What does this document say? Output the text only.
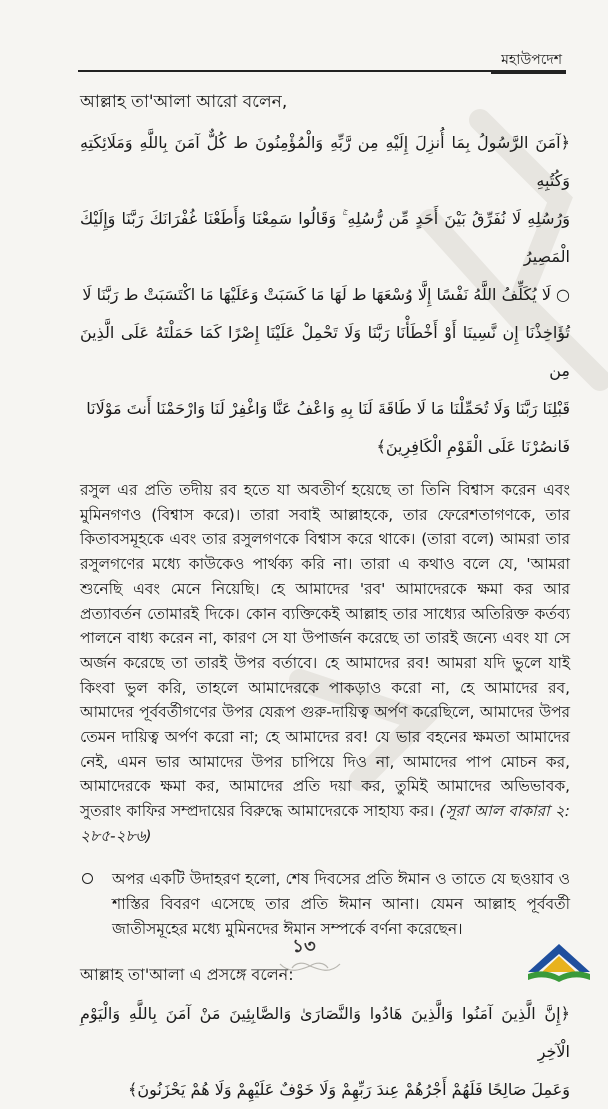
মহাউপদেশ

আল্লাহ তা'আলা আরো বলেন,

﴿آمَنَ الرَّسُولُ بِمَا أُنزِلَ إِلَيْهِ مِن رَّبِّهِ وَالْمُؤْمِنُونَ ط كُلٌّ آمَنَ بِاللَّهِ وَمَلَائِكَتِهِ وَكُتُبِهِ
وَرُسُلِهِ لَا نُفَرِّقُ بَيْنَ أَحَدٍ مِّن رُّسُلِهِ ۚ وَقَالُوا سَمِعْنَا وَأَطَعْنَا غُفْرَانَكَ رَبَّنَا وَإِلَيْكَ الْمَصِيرُ
○ لَا يُكَلِّفُ اللَّهُ نَفْسًا إِلَّا وُسْعَهَا ط لَهَا مَا كَسَبَتْ وَعَلَيْهَا مَا اكْتَسَبَتْ ط رَبَّنَا لَا
تُؤَاخِذْنَا إِن نَّسِينَا أَوْ أَخْطَأْنَا رَبَّنَا وَلَا تَحْمِلْ عَلَيْنَا إِصْرًا كَمَا حَمَلْتَهُ عَلَى الَّذِينَ مِن
قَبْلِنَا رَبَّنَا وَلَا تُحَمِّلْنَا مَا لَا طَاقَةَ لَنَا بِهِ وَاعْفُ عَنَّا وَاغْفِرْ لَنَا وَارْحَمْنَا أَنتَ مَوْلَانَا
فَانصُرْنَا عَلَى الْقَوْمِ الْكَافِرِينَ﴾

রসুল এর প্রতি তদীয় রব হতে যা অবতীর্ণ হয়েছে তা তিনি বিশ্বাস করেন এবং মুমিনগণও (বিশ্বাস করে)। তারা সবাই আল্লাহকে, তার ফেরেশতাগণকে, তার কিতাবসমূহকে এবং তার রসুলগণকে বিশ্বাস করে থাকে। (তারা বলে) আমরা তার রসুলগণের মধ্যে কাউকেও পার্থক্য করি না। তারা এ কথাও বলে যে, 'আমরা শুনেছি এবং মেনে নিয়েছি। হে আমাদের 'রব' আমাদেরকে ক্ষমা কর আর প্রত্যাবর্তন তোমারই দিকে। কোন ব্যক্তিকেই আল্লাহ তার সাধ্যের অতিরিক্ত কর্তব্য পালনে বাধ্য করেন না, কারণ সে যা উপার্জন করেছে তা তারই জন্যে এবং যা সে অর্জন করেছে তা তারই উপর বর্তাবে। হে আমাদের রব! আমরা যদি ভুলে যাই কিংবা ভুল করি, তাহলে আমাদেরকে পাকড়াও করো না, হে আমাদের রব, আমাদের পূর্ববর্তীগণের উপর যেরূপ গুরু-দায়িত্ব অর্পণ করেছিলে, আমাদের উপর তেমন দায়িত্ব অর্পণ করো না; হে আমাদের রব! যে ভার বহনের ক্ষমতা আমাদের নেই, এমন ভার আমাদের উপর চাপিয়ে দিও না, আমাদের পাপ মোচন কর, আমাদেরকে ক্ষমা কর, আমাদের প্রতি দয়া কর, তুমিই আমাদের অভিভাবক, সুতরাং কাফির সম্প্রদায়ের বিরুদ্ধে আমাদেরকে সাহায্য কর। (সূরা আল বাকারা ২: ২৮৫-২৮৬)

অপর একটি উদাহরণ হলো, শেষ দিবসের প্রতি ঈমান ও তাতে যে ছওয়াব ও শাস্তির বিবরণ এসেছে তার প্রতি ঈমান আনা। যেমন আল্লাহ পূর্ববর্তী জাতীসমূহের মধ্যে মুমিনদের ঈমান সম্পর্কে বর্ণনা করেছেন।

আল্লাহ তা'আলা এ প্রসঙ্গে বলেন:

﴿إِنَّ الَّذِينَ آمَنُوا وَالَّذِينَ هَادُوا وَالنَّصَارَىٰ وَالصَّابِئِينَ مَنْ آمَنَ بِاللَّهِ وَالْيَوْمِ الْآخِرِ
وَعَمِلَ صَالِحًا فَلَهُمْ أَجْرُهُمْ عِندَ رَبِّهِمْ وَلَا خَوْفٌ عَلَيْهِمْ وَلَا هُمْ يَحْزَنُونَ﴾
১৩
